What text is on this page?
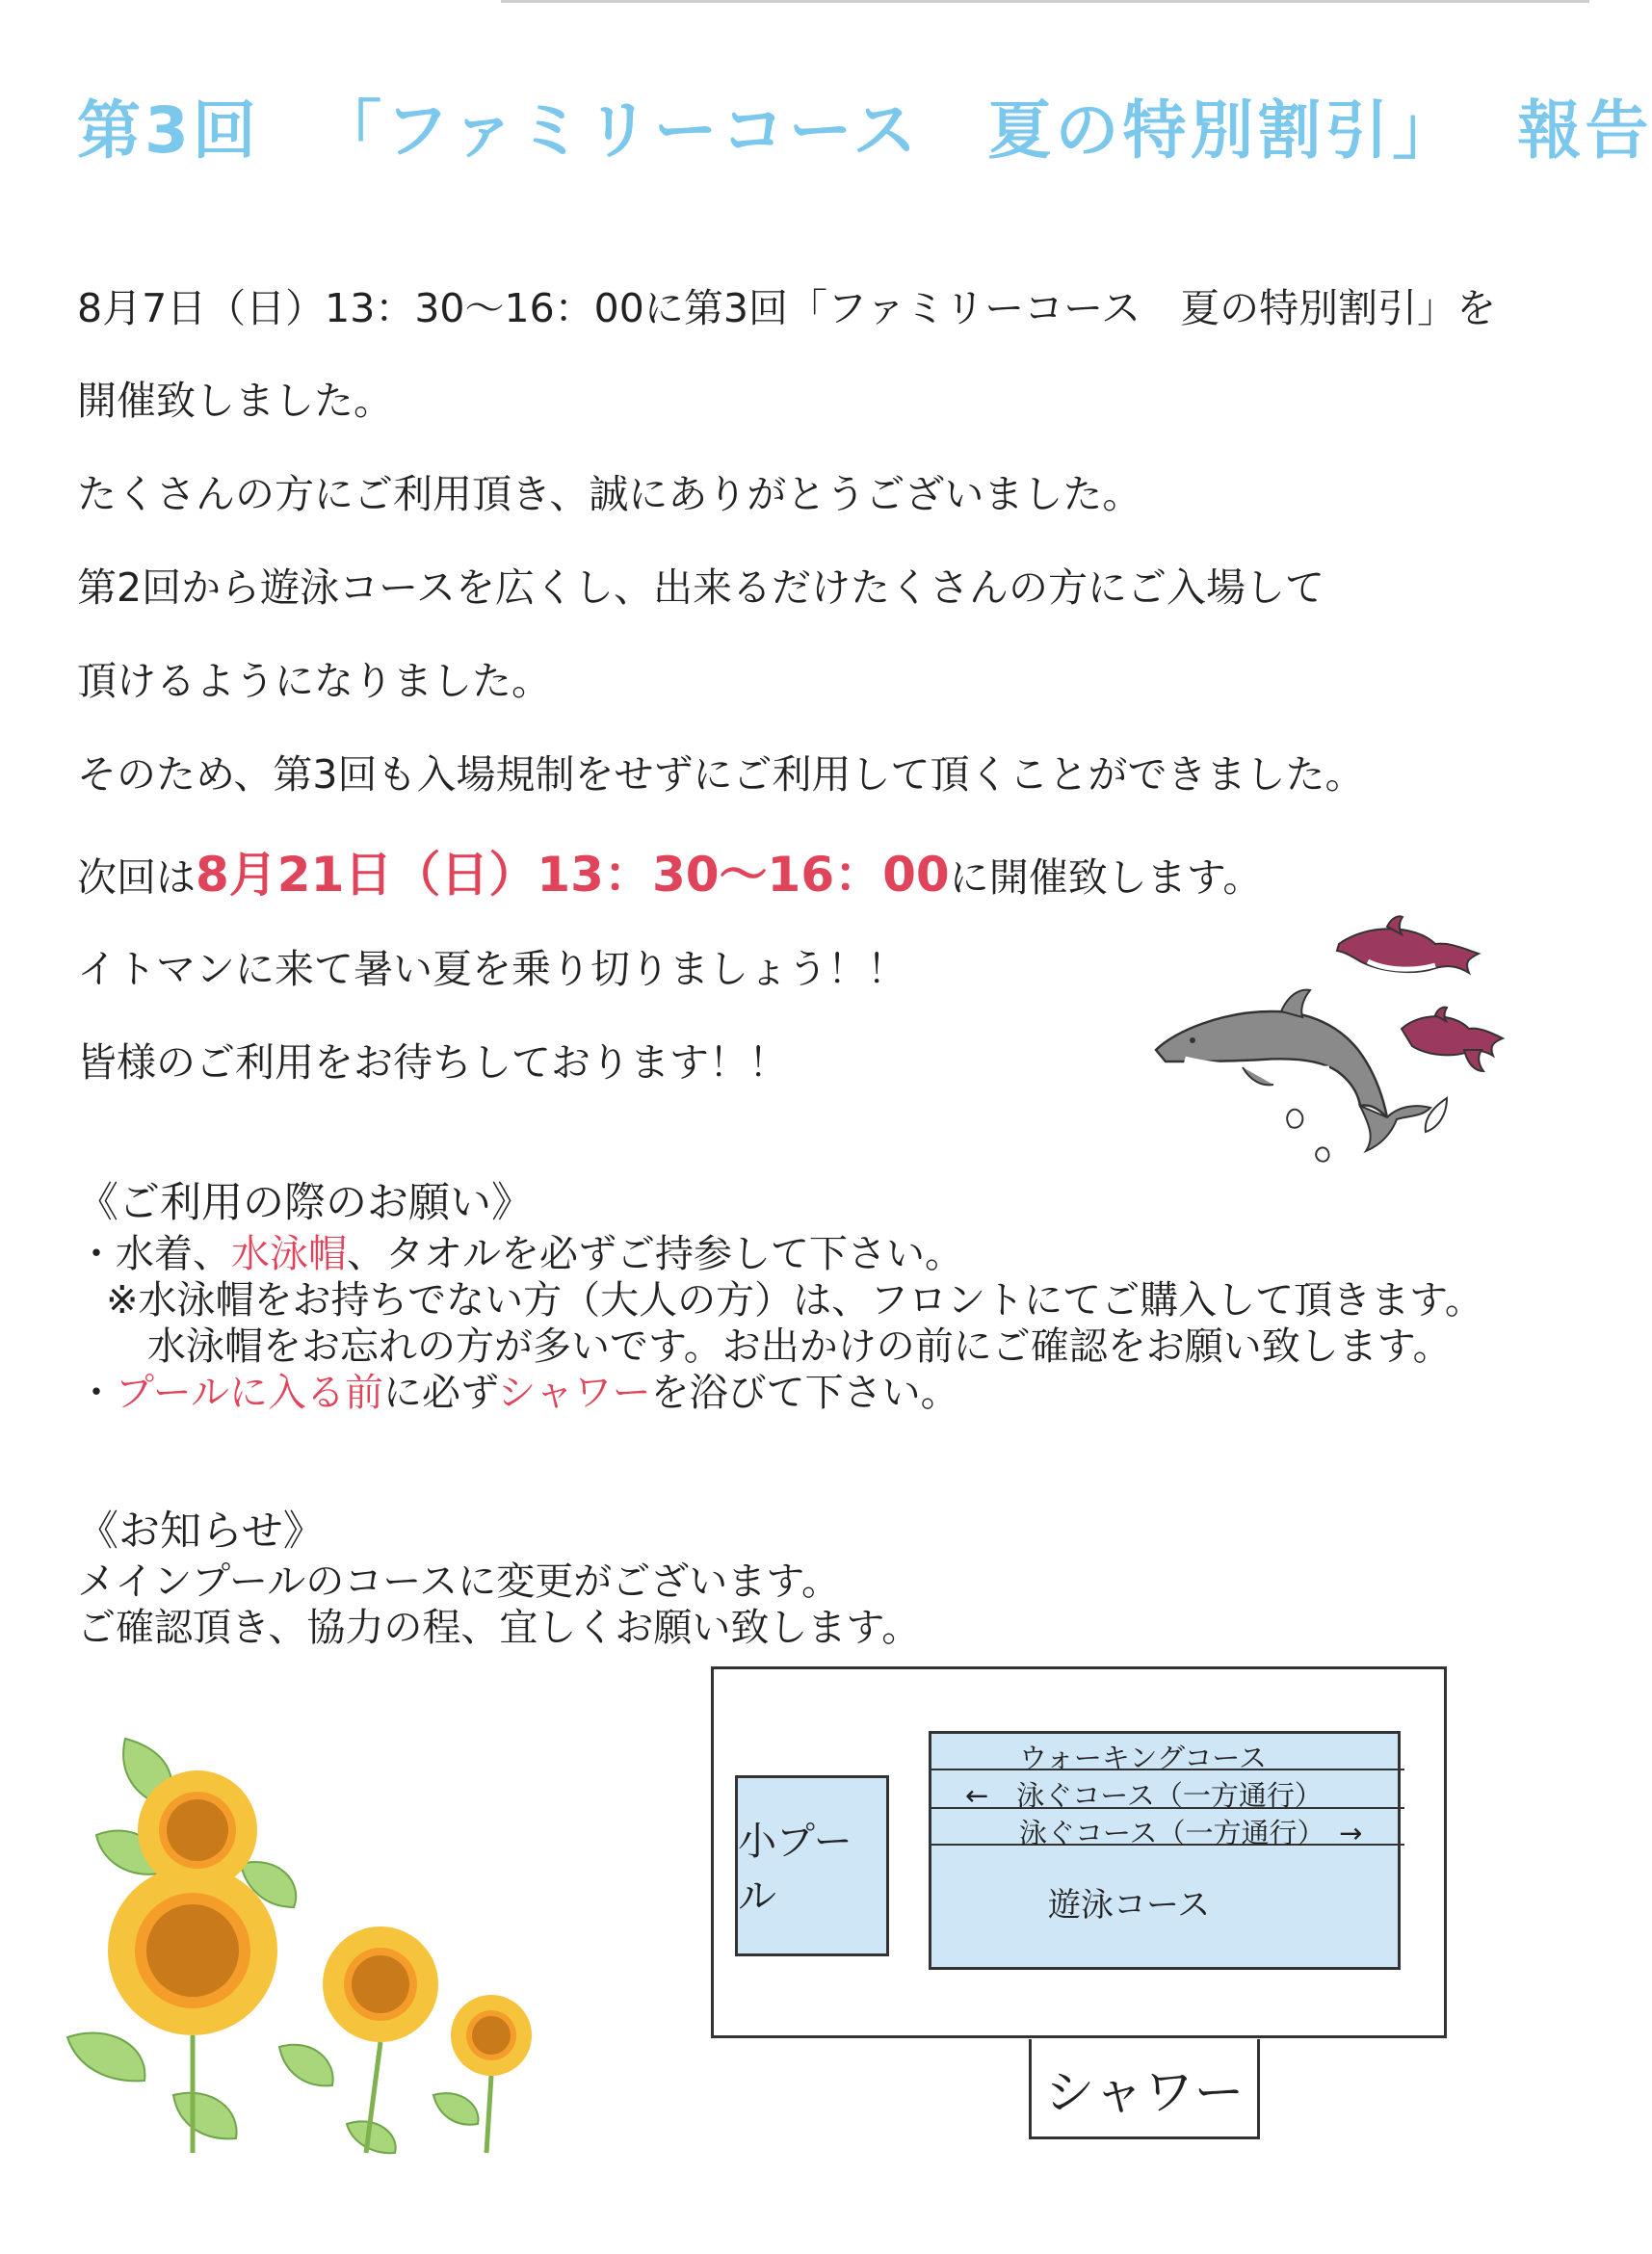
第3回 「ファミリーコース　夏の特別割引」 報告
8月7日（日）13：30～16：00に第3回「ファミリーコース　夏の特別割引」を
開催致しました。
たくさんの方にご利用頂き、誠にありがとうございました。
第2回から遊泳コースを広くし、出来るだけたくさんの方にご入場して
頂けるようになりました。
そのため、第3回も入場規制をせずにご利用して頂くことができました。
次回は8月21日（日）13：30～16：00に開催致します。
イトマンに来て暑い夏を乗り切りましょう！！
皆様のご利用をお待ちしております！！
《ご利用の際のお願い》
・水着、水泳帽、タオルを必ずご持参して下さい。
※水泳帽をお持ちでない方（大人の方）は、フロントにてご購入して頂きます。
水泳帽をお忘れの方が多いです。お出かけの前にご確認をお願い致します。
・プールに入る前に必ずシャワーを浴びて下さい。
《お知らせ》
メインプールのコースに変更がございます。
ご確認頂き、協力の程、宜しくお願い致します。
小プール
ウォーキングコース
←　泳ぐコース（一方通行）
泳ぐコース（一方通行）　→
遊泳コース
シャワー
